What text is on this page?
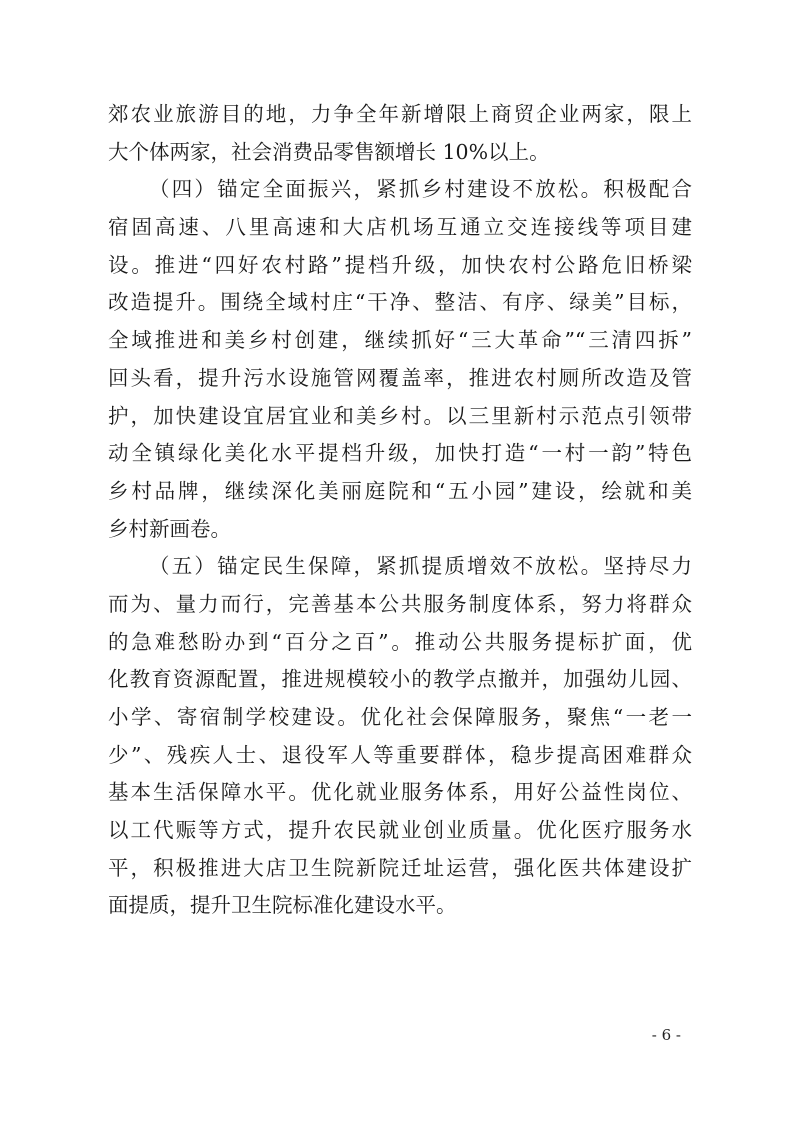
郊农业旅游目的地，力争全年新增限上商贸企业两家，限上
大个体两家，社会消费品零售额增长 10%以上。
（四）锚定全面振兴，紧抓乡村建设不放松。积极配合
宿固高速、八里高速和大店机场互通立交连接线等项目建
设。推进“四好农村路”提档升级，加快农村公路危旧桥梁
改造提升。围绕全域村庄“干净、整洁、有序、绿美”目标，
全域推进和美乡村创建，继续抓好“三大革命”“三清四拆”
回头看，提升污水设施管网覆盖率，推进农村厕所改造及管
护，加快建设宜居宜业和美乡村。以三里新村示范点引领带
动全镇绿化美化水平提档升级，加快打造“一村一韵”特色
乡村品牌，继续深化美丽庭院和“五小园”建设，绘就和美
乡村新画卷。
（五）锚定民生保障，紧抓提质增效不放松。坚持尽力
而为、量力而行，完善基本公共服务制度体系，努力将群众
的急难愁盼办到“百分之百”。推动公共服务提标扩面，优
化教育资源配置，推进规模较小的教学点撤并，加强幼儿园、
小学、寄宿制学校建设。优化社会保障服务，聚焦“一老一
少”、残疾人士、退役军人等重要群体，稳步提高困难群众
基本生活保障水平。优化就业服务体系，用好公益性岗位、
以工代赈等方式，提升农民就业创业质量。优化医疗服务水
平，积极推进大店卫生院新院迁址运营，强化医共体建设扩
面提质，提升卫生院标准化建设水平。
- 6 -
